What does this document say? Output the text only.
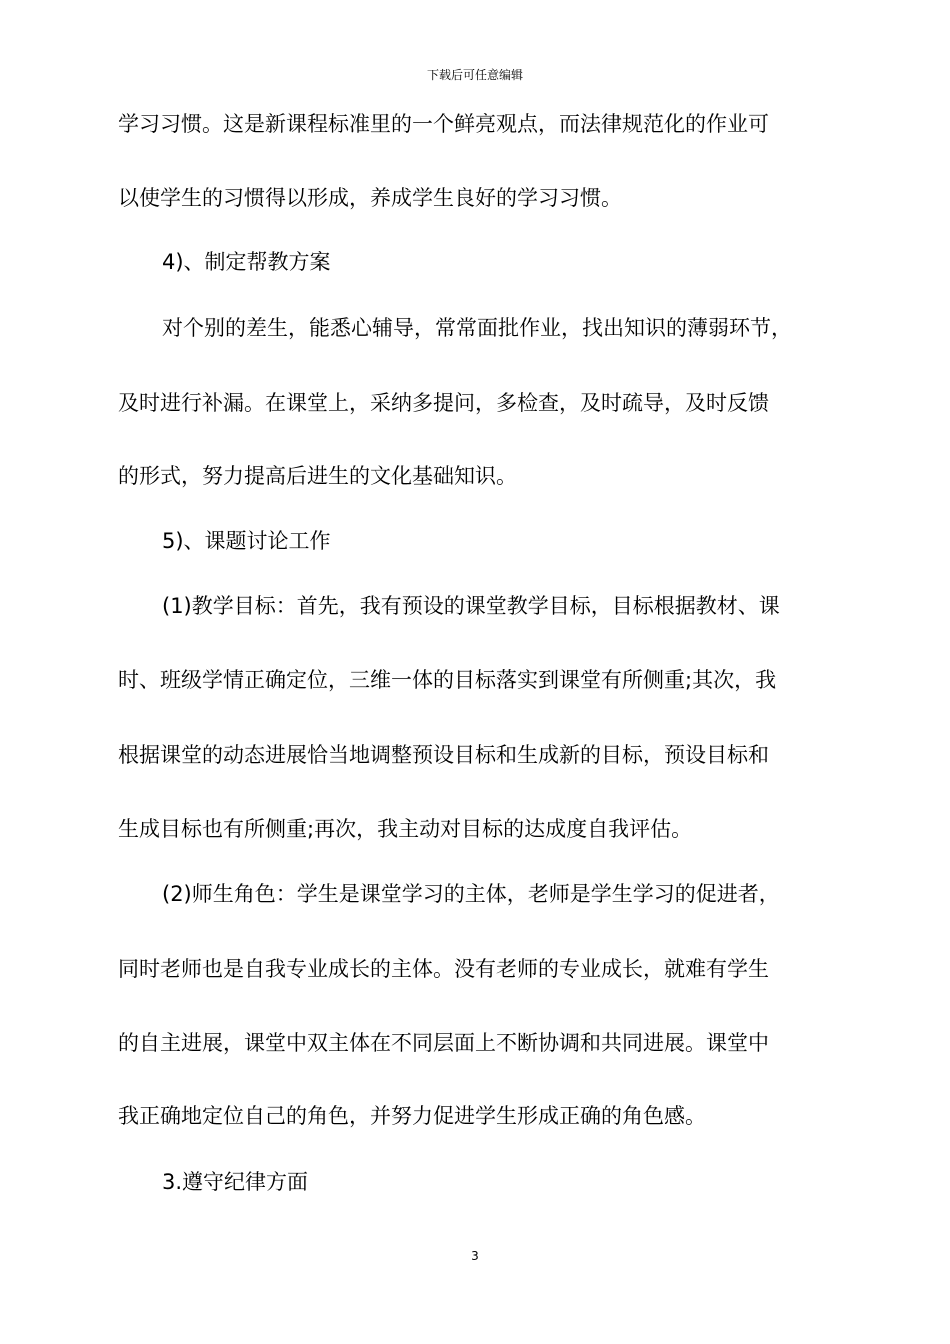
下载后可任意编辑
学习习惯。这是新课程标准里的一个鲜亮观点，而法律规范化的作业可
以使学生的习惯得以形成，养成学生良好的学习习惯。
4)、制定帮教方案
对个别的差生，能悉心辅导，常常面批作业，找出知识的薄弱环节，
及时进行补漏。在课堂上，采纳多提问，多检查，及时疏导，及时反馈
的形式，努力提高后进生的文化基础知识。
5)、课题讨论工作
(1)教学目标：首先，我有预设的课堂教学目标，目标根据教材、课
时、班级学情正确定位，三维一体的目标落实到课堂有所侧重;其次，我
根据课堂的动态进展恰当地调整预设目标和生成新的目标，预设目标和
生成目标也有所侧重;再次，我主动对目标的达成度自我评估。
(2)师生角色：学生是课堂学习的主体，老师是学生学习的促进者，
同时老师也是自我专业成长的主体。没有老师的专业成长，就难有学生
的自主进展，课堂中双主体在不同层面上不断协调和共同进展。课堂中
我正确地定位自己的角色，并努力促进学生形成正确的角色感。
3.遵守纪律方面
3
